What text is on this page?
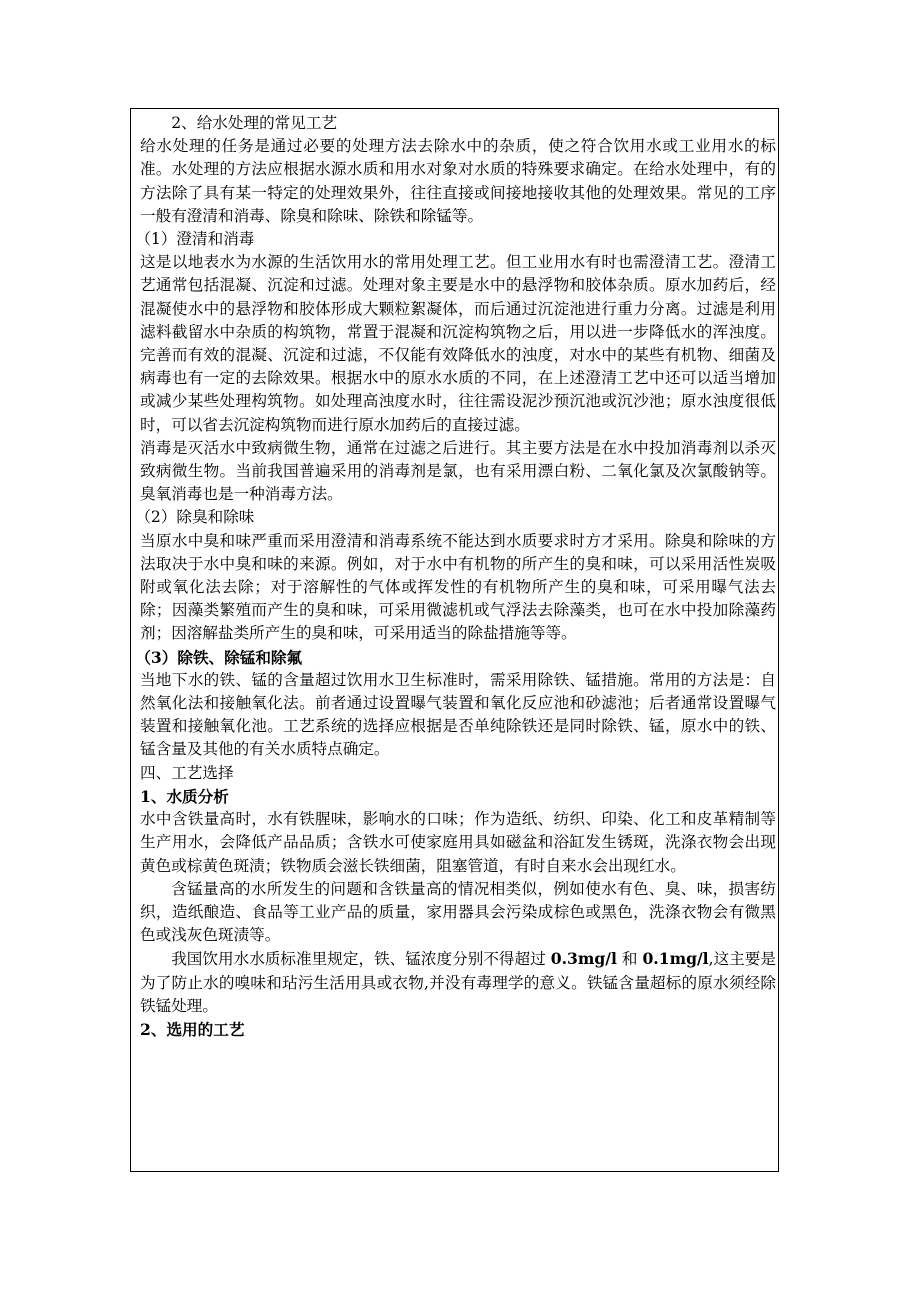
2、给水处理的常见工艺

给水处理的任务是通过必要的处理方法去除水中的杂质，使之符合饮用水或工业用水的标准。水处理的方法应根据水源水质和用水对象对水质的特殊要求确定。在给水处理中，有的方法除了具有某一特定的处理效果外，往往直接或间接地接收其他的处理效果。常见的工序一般有澄清和消毒、除臭和除味、除铁和除锰等。

（1）澄清和消毒

这是以地表水为水源的生活饮用水的常用处理工艺。但工业用水有时也需澄清工艺。澄清工艺通常包括混凝、沉淀和过滤。处理对象主要是水中的悬浮物和胶体杂质。原水加药后，经混凝使水中的悬浮物和胶体形成大颗粒絮凝体，而后通过沉淀池进行重力分离。过滤是利用滤料截留水中杂质的构筑物，常置于混凝和沉淀构筑物之后，用以进一步降低水的浑浊度。完善而有效的混凝、沉淀和过滤，不仅能有效降低水的浊度，对水中的某些有机物、细菌及病毒也有一定的去除效果。根据水中的原水水质的不同，在上述澄清工艺中还可以适当增加或减少某些处理构筑物。如处理高浊度水时，往往需设泥沙预沉池或沉沙池；原水浊度很低时，可以省去沉淀构筑物而进行原水加药后的直接过滤。

消毒是灭活水中致病微生物，通常在过滤之后进行。其主要方法是在水中投加消毒剂以杀灭致病微生物。当前我国普遍采用的消毒剂是氯，也有采用漂白粉、二氧化氯及次氯酸钠等。臭氧消毒也是一种消毒方法。

（2）除臭和除味

当原水中臭和味严重而采用澄清和消毒系统不能达到水质要求时方才采用。除臭和除味的方法取决于水中臭和味的来源。例如，对于水中有机物的所产生的臭和味，可以采用活性炭吸附或氧化法去除；对于溶解性的气体或挥发性的有机物所产生的臭和味，可采用曝气法去除；因藻类繁殖而产生的臭和味，可采用微滤机或气浮法去除藻类，也可在水中投加除藻药剂；因溶解盐类所产生的臭和味，可采用适当的除盐措施等等。

（3）除铁、除锰和除氟

当地下水的铁、锰的含量超过饮用水卫生标准时，需采用除铁、锰措施。常用的方法是：自然氧化法和接触氧化法。前者通过设置曝气装置和氧化反应池和砂滤池；后者通常设置曝气装置和接触氧化池。工艺系统的选择应根据是否单纯除铁还是同时除铁、锰，原水中的铁、锰含量及其他的有关水质特点确定。

四、工艺选择

1、水质分析

水中含铁量高时，水有铁腥味，影响水的口味；作为造纸、纺织、印染、化工和皮革精制等生产用水，会降低产品品质；含铁水可使家庭用具如磁盆和浴缸发生锈斑，洗涤衣物会出现黄色或棕黄色斑渍；铁物质会滋长铁细菌，阻塞管道，有时自来水会出现红水。

含锰量高的水所发生的问题和含铁量高的情况相类似，例如使水有色、臭、味，损害纺织，造纸酿造、食品等工业产品的质量，家用器具会污染成棕色或黑色，洗涤衣物会有微黑色或浅灰色斑渍等。

我国饮用水水质标准里规定，铁、锰浓度分别不得超过 0.3mg/l 和 0.1mg/l,这主要是为了防止水的嗅味和玷污生活用具或衣物,并没有毒理学的意义。铁锰含量超标的原水须经除铁锰处理。

2、选用的工艺
